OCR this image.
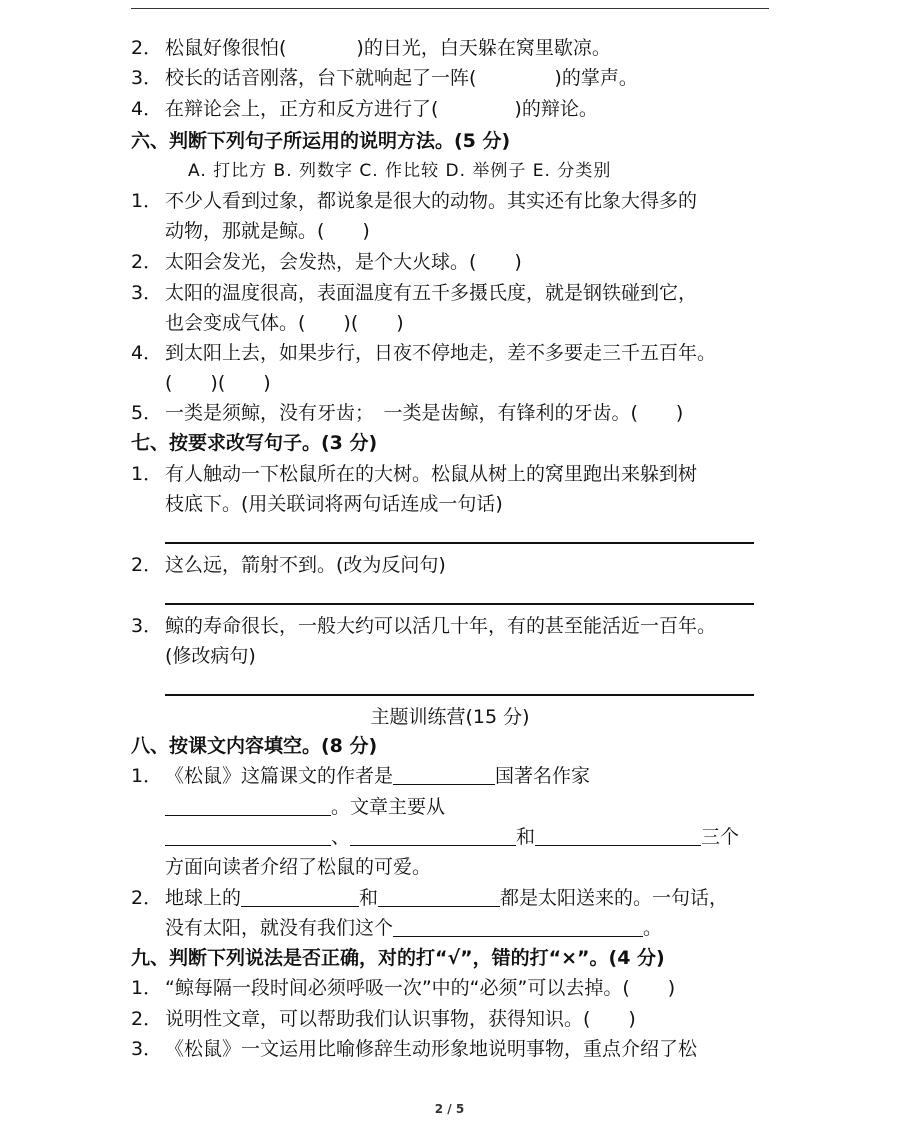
2． 松鼠好像很怕(	)的日光，白天躲在窝里歇凉。
3． 校长的话音刚落，台下就响起了一阵(	)的掌声。
4． 在辩论会上，正方和反方进行了(	)的辩论。
六、判断下列句子所运用的说明方法。(5 分)
A. 打比方 B. 列数字 C. 作比较 D. 举例子 E. 分类别
1． 不少人看到过象，都说象是很大的动物。其实还有比象大得多的
动物，那就是鲸。(　　)
2． 太阳会发光，会发热，是个大火球。(　　)
3． 太阳的温度很高，表面温度有五千多摄氏度，就是钢铁碰到它，
也会变成气体。(　　)(　　)
4． 到太阳上去，如果步行，日夜不停地走，差不多要走三千五百年。
(　　)(　　)
5． 一类是须鲸，没有牙齿；　一类是齿鲸，有锋利的牙齿。(　　)
七、按要求改写句子。(3 分)
1． 有人触动一下松鼠所在的大树。松鼠从树上的窝里跑出来躲到树
枝底下。(用关联词将两句话连成一句话)
2． 这么远，箭射不到。(改为反问句)
3． 鲸的寿命很长，一般大约可以活几十年，有的甚至能活近一百年。
(修改病句)
主题训练营(15 分)
八、按课文内容填空。(8 分)
1． 《松鼠》这篇课文的作者是	国著名作家
。文章主要从
、	和	三个
方面向读者介绍了松鼠的可爱。
2． 地球上的	和	都是太阳送来的。一句话，
没有太阳，就没有我们这个	。
九、判断下列说法是否正确，对的打“√”，错的打“×”。(4 分)
1． “鲸每隔一段时间必须呼吸一次”中的“必须”可以去掉。(　　)
2． 说明性文章，可以帮助我们认识事物，获得知识。(　　)
3． 《松鼠》一文运用比喻修辞生动形象地说明事物，重点介绍了松
2 / 5
